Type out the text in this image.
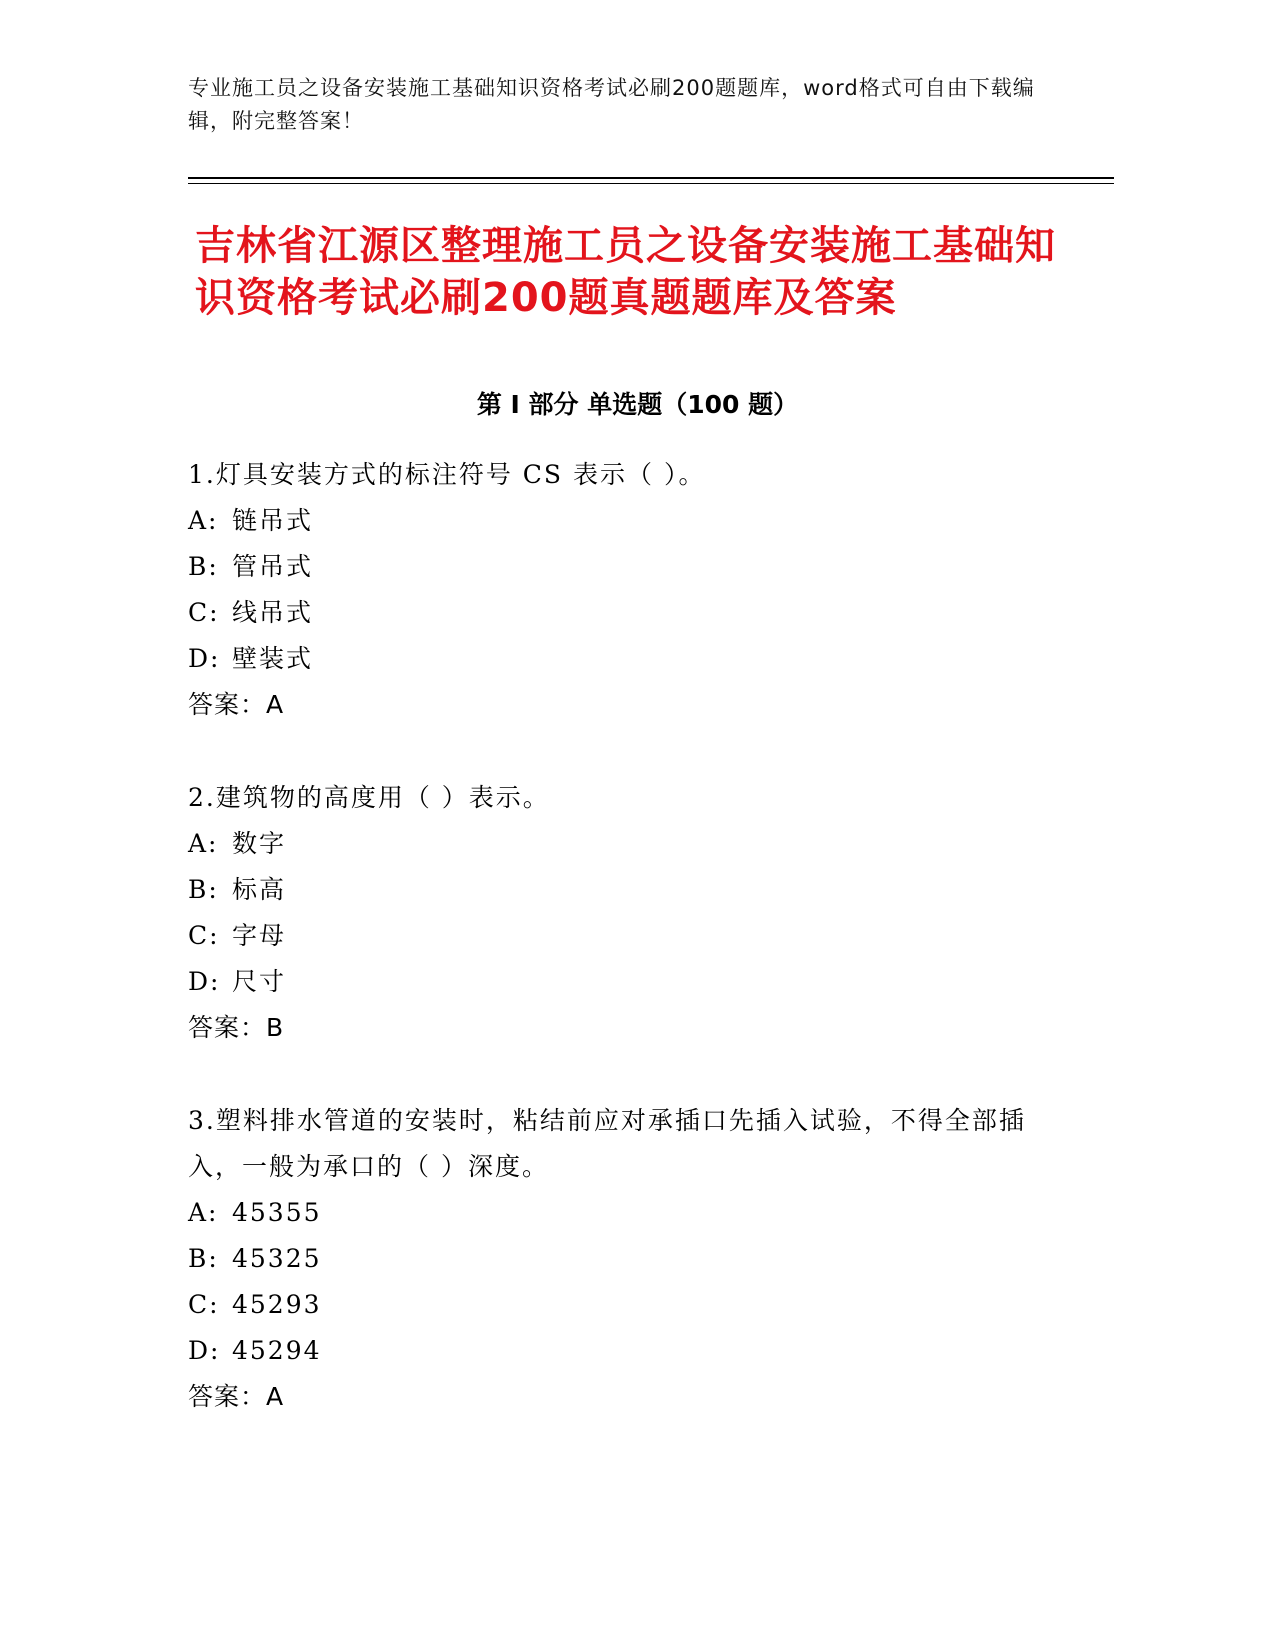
专业施工员之设备安装施工基础知识资格考试必刷200题题库，word格式可自由下载编辑，附完整答案！
吉林省江源区整理施工员之设备安装施工基础知识资格考试必刷200题真题题库及答案
第 I 部分 单选题（100 题）
1.灯具安装方式的标注符号 CS 表示（ ）。
A: 链吊式
B: 管吊式
C: 线吊式
D: 壁装式
答案：A
2.建筑物的高度用（ ）表示。
A: 数字
B: 标高
C: 字母
D: 尺寸
答案：B
3.塑料排水管道的安装时，粘结前应对承插口先插入试验，不得全部插入，一般为承口的（ ）深度。
A: 45355
B: 45325
C: 45293
D: 45294
答案：A
